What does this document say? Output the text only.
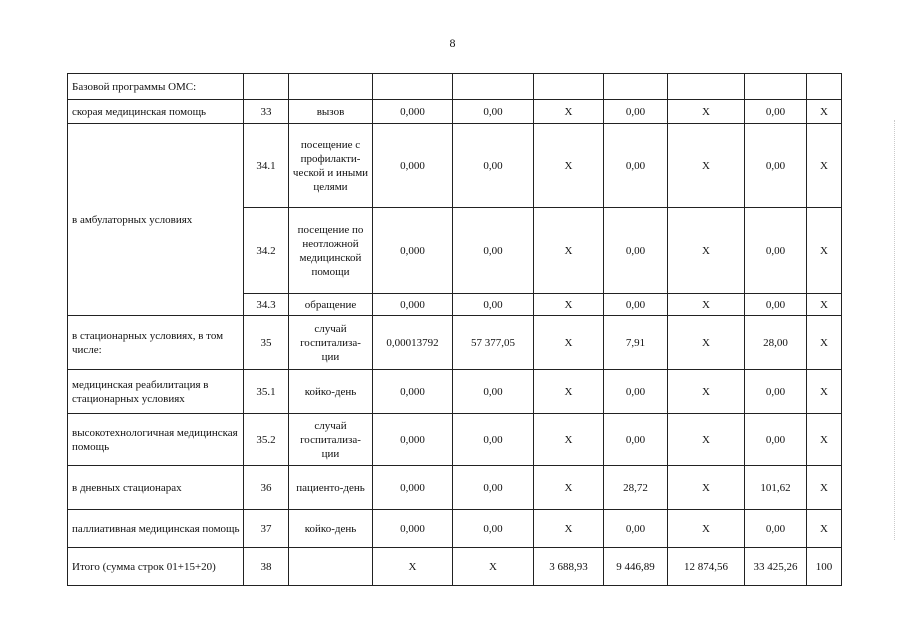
8
Базовой программы ОМС:									
скорая медицинская помощь	33	вызов	0,000	0,00	X	0,00	X	0,00	X
в амбулаторных условиях	34.1	посещение с профилакти-ческой и иными целями	0,000	0,00	X	0,00	X	0,00	X
	34.2	посещение по неотложной медицинской помощи	0,000	0,00	X	0,00	X	0,00	X
	34.3	обращение	0,000	0,00	X	0,00	X	0,00	X
в стационарных условиях, в том числе:	35	случай госпитализа-ции	0,00013792	57 377,05	X	7,91	X	28,00	X
медицинская реабилитация в стационарных условиях	35.1	койко-день	0,000	0,00	X	0,00	X	0,00	X
высокотехнологичная медицинская помощь	35.2	случай госпитализа-ции	0,000	0,00	X	0,00	X	0,00	X
в дневных стационарах	36	пациенто-день	0,000	0,00	X	28,72	X	101,62	X
паллиативная медицинская помощь	37	койко-день	0,000	0,00	X	0,00	X	0,00	X
Итого (сумма строк 01+15+20)	38		X	X	3 688,93	9 446,89	12 874,56	33 425,26	100
